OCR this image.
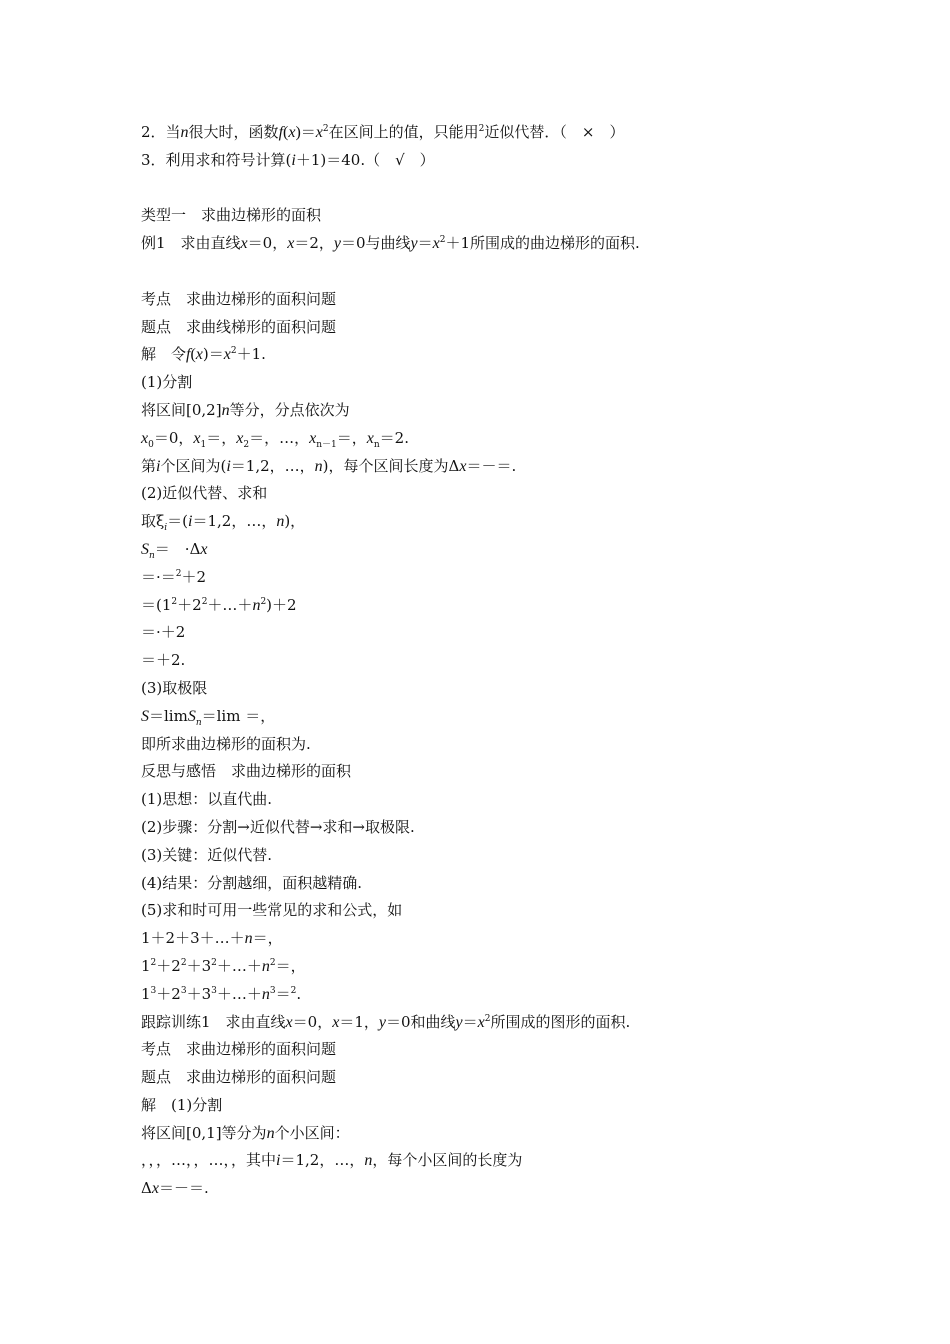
2．当n很大时，函数$f(x)=x^2$在区间上的值，只能用$^2$近似代替．（　×　）
3．利用求和符号计算(i＋1)＝40.（　√　）
类型一　求曲边梯形的面积
例1　求由直线x＝0，x＝2，y＝0与曲线$y=x^2+1$所围成的曲边梯形的面积.
考点　求曲边梯形的面积问题
题点　求曲线梯形的面积问题
解　令$f(x)=x^2+1$.
(1)分割
将区间[0,2]n等分，分点依次为
$x_0=0$，$x_1=$，$x_2=$，…，$x_{n-1}=$，$x_n=2$.
第i个区间为(i＝1,2，…，n)，每个区间长度为Δx＝－＝.
(2)近似代替、求和
取$\xi_i=(i=1,2$，…，n)，
$S_n=$　·Δx
＝·＝$^2$＋2
$=(1^2+2^2+\dots+n^2)+2$
＝·＋2
＝＋2.
(3)取极限
S＝limS$_n$＝lim ＝，
即所求曲边梯形的面积为.
反思与感悟　求曲边梯形的面积
(1)思想：以直代曲.
(2)步骤：分割→近似代替→求和→取极限.
(3)关键：近似代替.
(4)结果：分割越细，面积越精确.
(5)求和时可用一些常见的求和公式，如
1＋2＋3＋…＋n＝，
$1^2+2^2+3^2+\dots+n^2=$，
$1^3+2^3+3^3+\dots+n^3=^2$.
跟踪训练1　求由直线x＝0，x＝1，y＝0和曲线$y=x^2$所围成的图形的面积.
考点　求曲边梯形的面积问题
题点　求曲边梯形的面积问题
解　(1)分割
将区间[0,1]等分为n个小区间：
，，，…，，…，，其中i＝1,2，…，n，每个小区间的长度为
Δx＝－＝.
